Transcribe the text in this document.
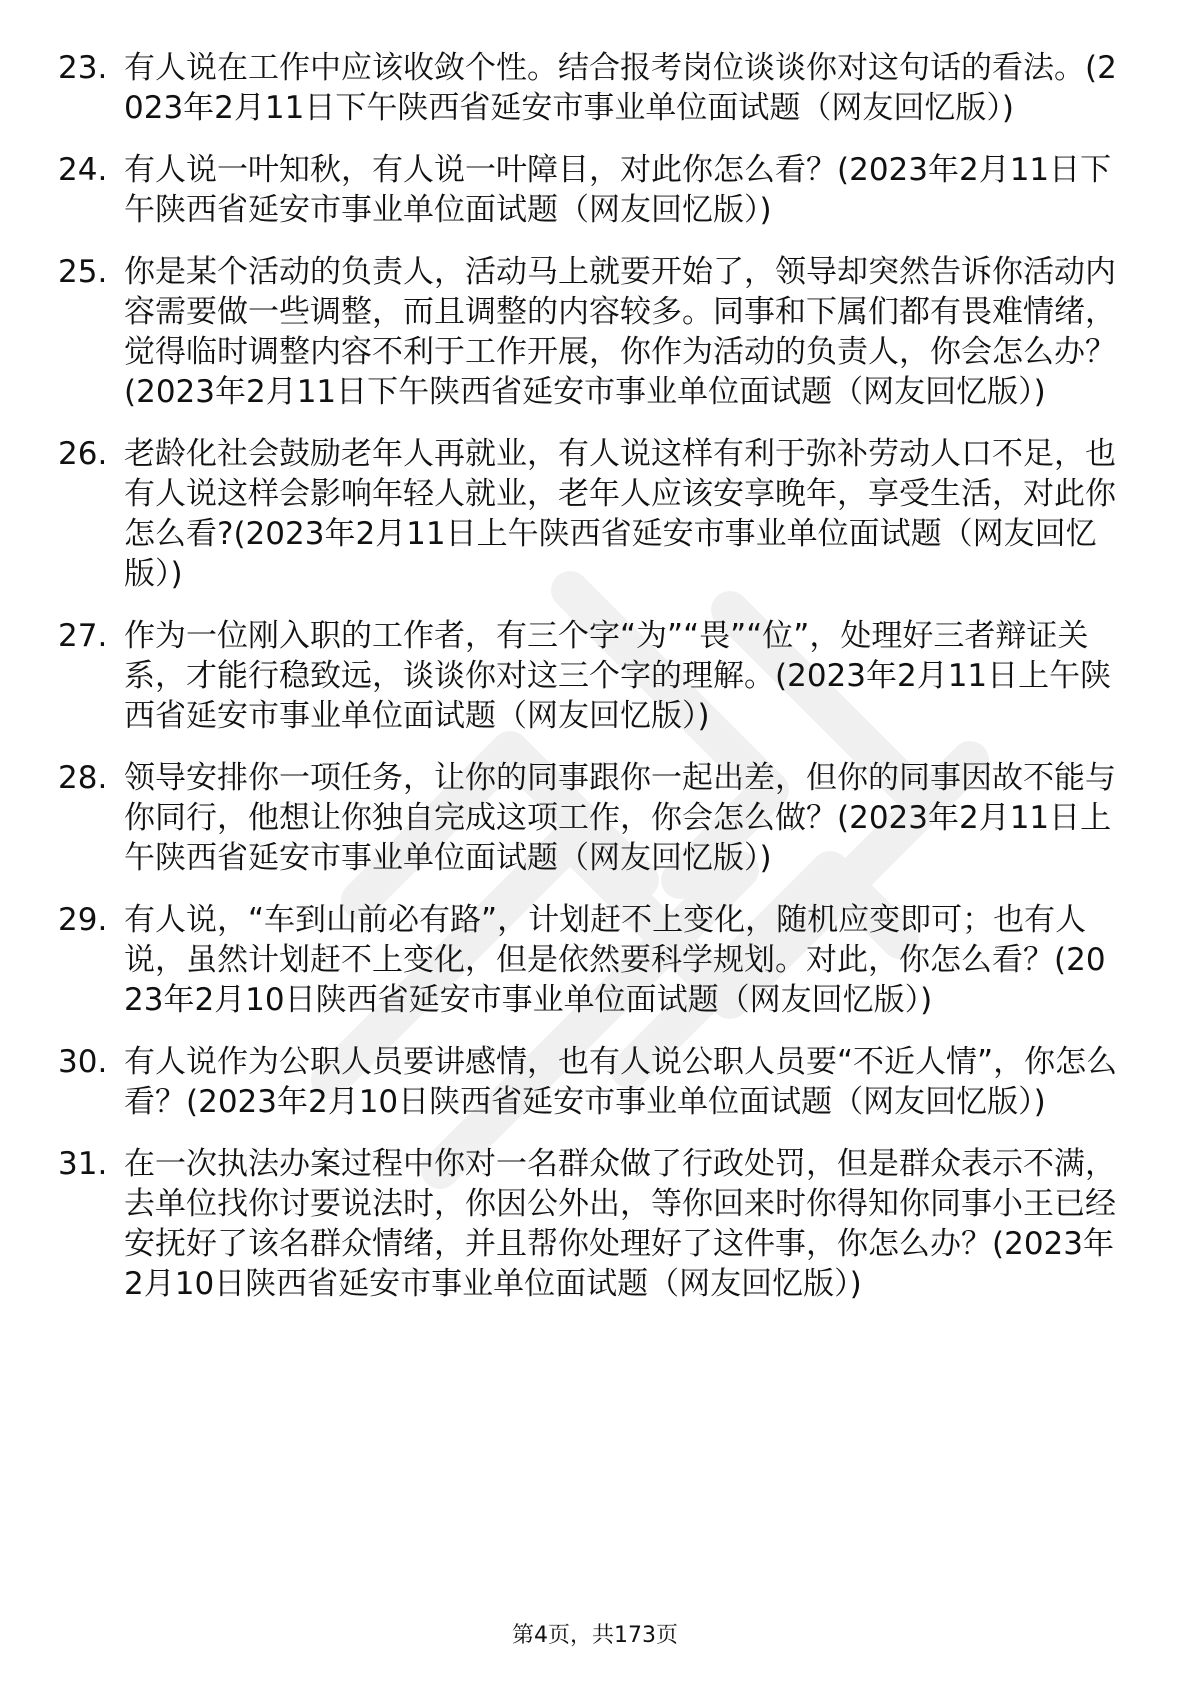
23. 有人说在工作中应该收敛个性。结合报考岗位谈谈你对这句话的看法。(2023年2月11日下午陕西省延安市事业单位面试题（网友回忆版）)
24. 有人说一叶知秋，有人说一叶障目，对此你怎么看？(2023年2月11日下午陕西省延安市事业单位面试题（网友回忆版）)
25. 你是某个活动的负责人，活动马上就要开始了，领导却突然告诉你活动内容需要做一些调整，而且调整的内容较多。同事和下属们都有畏难情绪，觉得临时调整内容不利于工作开展，你作为活动的负责人，你会怎么办？(2023年2月11日下午陕西省延安市事业单位面试题（网友回忆版）)
26. 老龄化社会鼓励老年人再就业，有人说这样有利于弥补劳动人口不足，也有人说这样会影响年轻人就业，老年人应该安享晚年，享受生活，对此你怎么看?(2023年2月11日上午陕西省延安市事业单位面试题（网友回忆版）)
27. 作为一位刚入职的工作者，有三个字“为”“畏”“位”，处理好三者辩证关系，才能行稳致远，谈谈你对这三个字的理解。(2023年2月11日上午陕西省延安市事业单位面试题（网友回忆版）)
28. 领导安排你一项任务，让你的同事跟你一起出差，但你的同事因故不能与你同行，他想让你独自完成这项工作，你会怎么做？(2023年2月11日上午陕西省延安市事业单位面试题（网友回忆版）)
29. 有人说，“车到山前必有路”，计划赶不上变化，随机应变即可；也有人说，虽然计划赶不上变化，但是依然要科学规划。对此，你怎么看？(2023年2月10日陕西省延安市事业单位面试题（网友回忆版）)
30. 有人说作为公职人员要讲感情，也有人说公职人员要“不近人情”，你怎么看？(2023年2月10日陕西省延安市事业单位面试题（网友回忆版）)
31. 在一次执法办案过程中你对一名群众做了行政处罚，但是群众表示不满，去单位找你讨要说法时，你因公外出，等你回来时你得知你同事小王已经安抚好了该名群众情绪，并且帮你处理好了这件事，你怎么办？(2023年2月10日陕西省延安市事业单位面试题（网友回忆版）)
第4页，共173页
